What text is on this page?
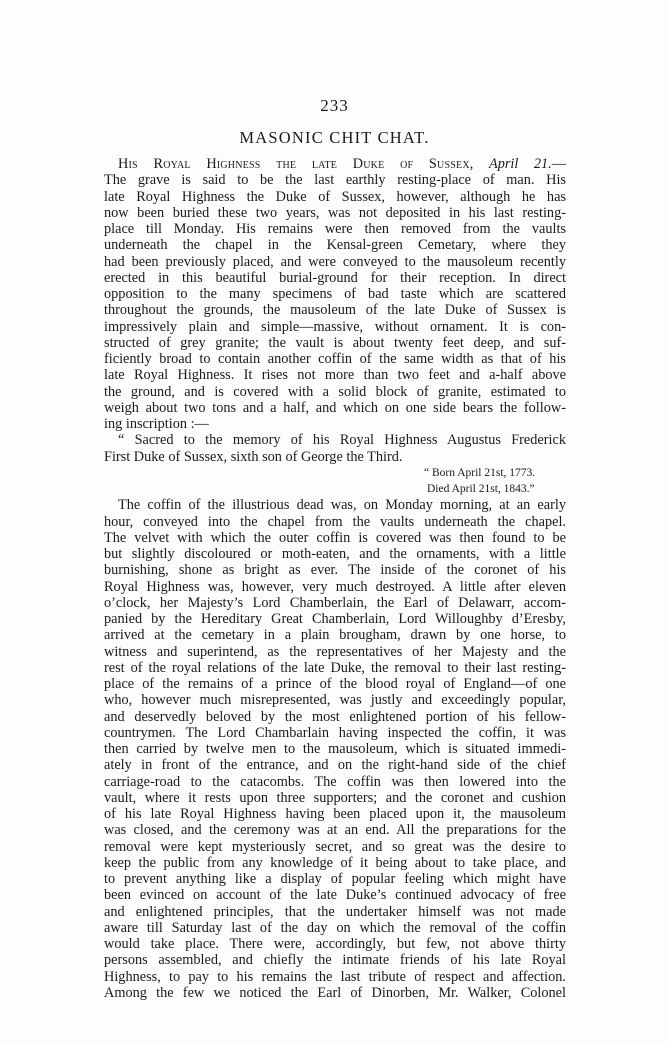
233
MASONIC CHIT CHAT.
His Royal Highness the late Duke of Sussex, April 21.—
The grave is said to be the last earthly resting-place of man. His
late Royal Highness the Duke of Sussex, however, although he has
now been buried these two years, was not deposited in his last resting-
place till Monday. His remains were then removed from the vaults
underneath the chapel in the Kensal-green Cemetary, where they
had been previously placed, and were conveyed to the mausoleum recently
erected in this beautiful burial-ground for their reception. In direct
opposition to the many specimens of bad taste which are scattered
throughout the grounds, the mausoleum of the late Duke of Sussex is
impressively plain and simple—massive, without ornament. It is con-
structed of grey granite; the vault is about twenty feet deep, and suf-
ficiently broad to contain another coffin of the same width as that of his
late Royal Highness. It rises not more than two feet and a-half above
the ground, and is covered with a solid block of granite, estimated to
weigh about two tons and a half, and which on one side bears the follow-
ing inscription :—
“ Sacred to the memory of his Royal Highness Augustus Frederick
First Duke of Sussex, sixth son of George the Third.
“ Born April 21st, 1773.
Died April 21st, 1843.”
The coffin of the illustrious dead was, on Monday morning, at an early
hour, conveyed into the chapel from the vaults underneath the chapel.
The velvet with which the outer coffin is covered was then found to be
but slightly discoloured or moth-eaten, and the ornaments, with a little
burnishing, shone as bright as ever. The inside of the coronet of his
Royal Highness was, however, very much destroyed. A little after eleven
o’clock, her Majesty’s Lord Chamberlain, the Earl of Delawarr, accom-
panied by the Hereditary Great Chamberlain, Lord Willoughby d’Eresby,
arrived at the cemetary in a plain brougham, drawn by one horse, to
witness and superintend, as the representatives of her Majesty and the
rest of the royal relations of the late Duke, the removal to their last resting-
place of the remains of a prince of the blood royal of England—of one
who, however much misrepresented, was justly and exceedingly popular,
and deservedly beloved by the most enlightened portion of his fellow-
countrymen. The Lord Chambarlain having inspected the coffin, it was
then carried by twelve men to the mausoleum, which is situated immedi-
ately in front of the entrance, and on the right-hand side of the chief
carriage-road to the catacombs. The coffin was then lowered into the
vault, where it rests upon three supporters; and the coronet and cushion
of his late Royal Highness having been placed upon it, the mausoleum
was closed, and the ceremony was at an end. All the preparations for the
removal were kept mysteriously secret, and so great was the desire to
keep the public from any knowledge of it being about to take place, and
to prevent anything like a display of popular feeling which might have
been evinced on account of the late Duke’s continued advocacy of free
and enlightened principles, that the undertaker himself was not made
aware till Saturday last of the day on which the removal of the coffin
would take place. There were, accordingly, but few, not above thirty
persons assembled, and chiefly the intimate friends of his late Royal
Highness, to pay to his remains the last tribute of respect and affection.
Among the few we noticed the Earl of Dinorben, Mr. Walker, Colonel
